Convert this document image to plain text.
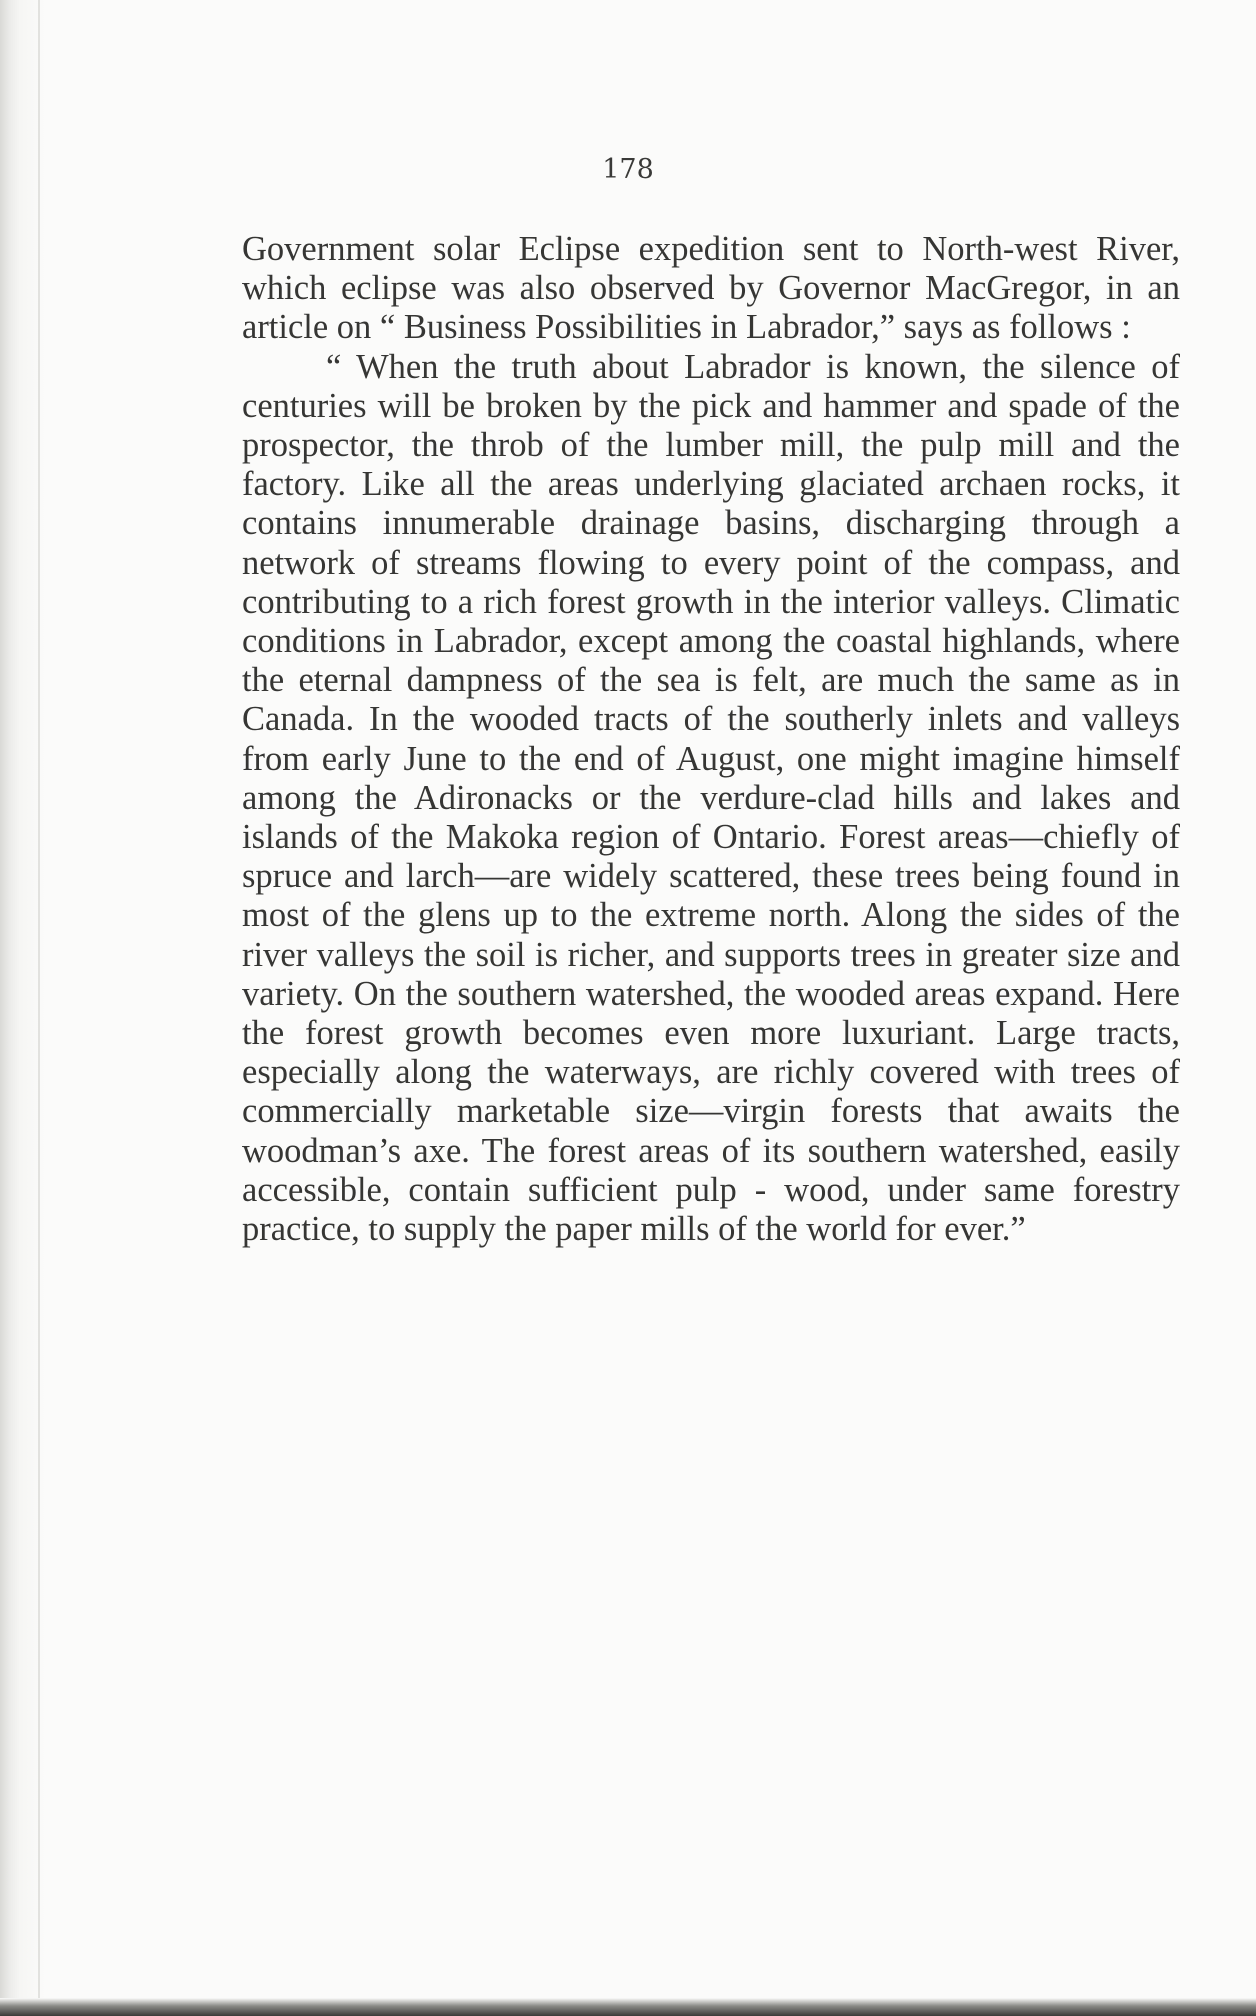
178

Government solar Eclipse expedition sent to North-west River, which eclipse was also observed by Governor MacGregor, in an article on “ Business Possibilities in Labrador,” says as follows :

“ When the truth about Labrador is known, the silence of centuries will be broken by the pick and hammer and spade of the prospector, the throb of the lumber mill, the pulp mill and the factory. Like all the areas underlying glaciated archaen rocks, it contains innumerable drainage basins, discharging through a network of streams flowing to every point of the compass, and contributing to a rich forest growth in the interior valleys. Climatic conditions in Labrador, except among the coastal highlands, where the eternal dampness of the sea is felt, are much the same as in Canada. In the wooded tracts of the southerly inlets and valleys from early June to the end of August, one might imagine himself among the Adironacks or the verdure-clad hills and lakes and islands of the Makoka region of Ontario. Forest areas—chiefly of spruce and larch—are widely scattered, these trees being found in most of the glens up to the extreme north. Along the sides of the river valleys the soil is richer, and supports trees in greater size and variety. On the southern watershed, the wooded areas expand. Here the forest growth becomes even more luxuriant. Large tracts, especially along the waterways, are richly covered with trees of commercially marketable size—virgin forests that awaits the woodman’s axe. The forest areas of its southern watershed, easily accessible, contain sufficient pulp - wood, under same forestry practice, to supply the paper mills of the world for ever.”
